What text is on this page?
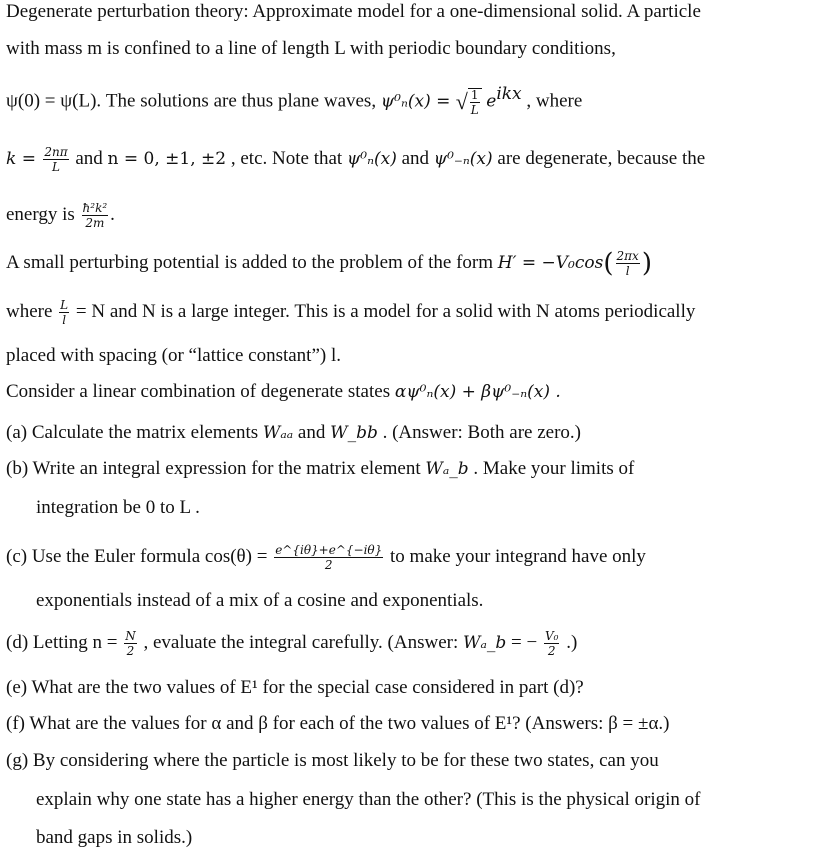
Degenerate perturbation theory: Approximate model for a one-dimensional solid. A particle
with mass m is confined to a line of length L with periodic boundary conditions,
ψ(0) = ψ(L). The solutions are thus plane waves, ψ⁰ₙ(x) = √ $\frac{1}{L} e^{ikx}$ , where
$k = \frac{2n\pi}{L}$ and n = 0, ±1, ±2 , etc. Note that ψ⁰ₙ(x) and ψ⁰₋ₙ(x) are degenerate, because the
energy is $\frac{\text{ħ²k²}}{2m}$ .
A small perturbing potential is added to the problem of the form $H' = -V_0\cos( \frac{2\pi x}{l}$ )
where $\frac{L}{l} = N$ and N is a large integer. This is a model for a solid with N atoms periodically
placed with spacing (or “lattice constant”) l.
Consider a linear combination of degenerate states αψ⁰ₙ(x) + βψ⁰₋ₙ(x) .
(a) Calculate the matrix elements Wₐₐ and W_bb . (Answer: Both are zero.)
(b) Write an integral expression for the matrix element Wₐ_b . Make your limits of
integration be 0 to L .
(c) Use the Euler formula $\cos(\theta) = \frac{e\^{}\{i\theta\}+e\^{}\{-i\theta\}}{2}$ to make your integrand have only
exponentials instead of a mix of a cosine and exponentials.
(d) Letting $n = \frac{N}{2}$ , evaluate the integral carefully. (Answer: Wₐ_b = − $\frac{\text{V₀}}{2}$ .)
(e) What are the two values of E¹ for the special case considered in part (d)?
(f) What are the values for α and β for each of the two values of E¹? (Answers: β = ±α.)
(g) By considering where the particle is most likely to be for these two states, can you
explain why one state has a higher energy than the other? (This is the physical origin of
band gaps in solids.)
